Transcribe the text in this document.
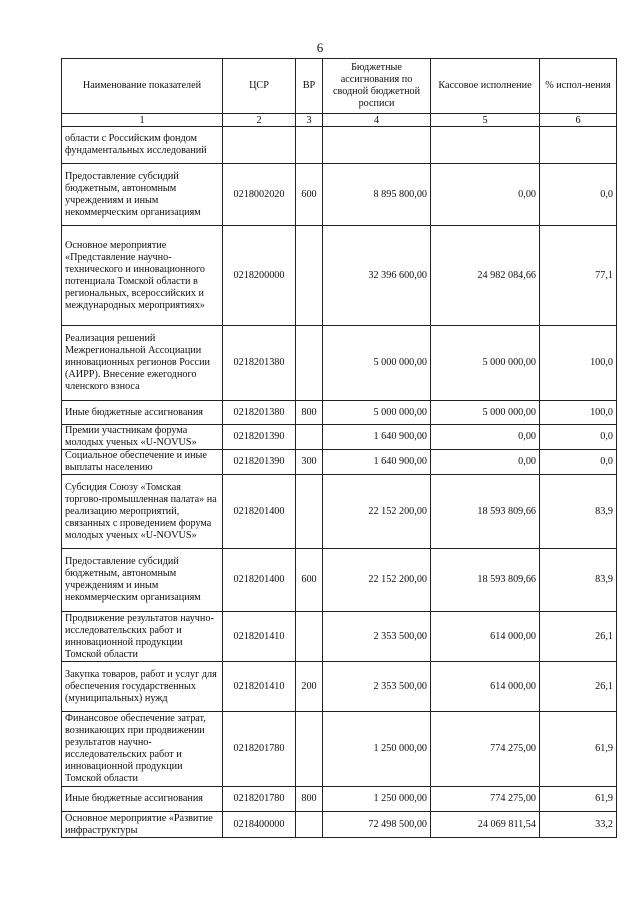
6
Наименование показателей	ЦСР	ВР	Бюджетные ассигнования по сводной бюджетной росписи	Кассовое исполнение	% испол-нения
1	2	3	4	5	6
области с Российским фондом фундаментальных исследований					
Предоставление субсидий бюджетным, автономным учреждениям и иным некоммерческим организациям	0218002020	600	8 895 800,00	0,00	0,0
Основное мероприятие «Представление научно-технического и инновационного потенциала Томской области в региональных, всероссийских и международных мероприятиях»	0218200000		32 396 600,00	24 982 084,66	77,1
Реализация решений Межрегиональной Ассоциации инновационных регионов России (АИРР). Внесение ежегодного членского взноса	0218201380		5 000 000,00	5 000 000,00	100,0
Иные бюджетные ассигнования	0218201380	800	5 000 000,00	5 000 000,00	100,0
Премии участникам форума молодых ученых «U-NOVUS»	0218201390		1 640 900,00	0,00	0,0
Социальное обеспечение и иные выплаты населению	0218201390	300	1 640 900,00	0,00	0,0
Субсидия Союзу «Томская торгово-промышленная палата» на реализацию мероприятий, связанных с проведением форума молодых ученых «U-NOVUS»	0218201400		22 152 200,00	18 593 809,66	83,9
Предоставление субсидий бюджетным, автономным учреждениям и иным некоммерческим организациям	0218201400	600	22 152 200,00	18 593 809,66	83,9
Продвижение результатов научно-исследовательских работ и инновационной продукции Томской области	0218201410		2 353 500,00	614 000,00	26,1
Закупка товаров, работ и услуг для обеспечения государственных (муниципальных) нужд	0218201410	200	2 353 500,00	614 000,00	26,1
Финансовое обеспечение затрат, возникающих при продвижении результатов научно-исследовательских работ и инновационной продукции Томской области	0218201780		1 250 000,00	774 275,00	61,9
Иные бюджетные ассигнования	0218201780	800	1 250 000,00	774 275,00	61,9
Основное мероприятие «Развитие инфраструктуры	0218400000		72 498 500,00	24 069 811,54	33,2
